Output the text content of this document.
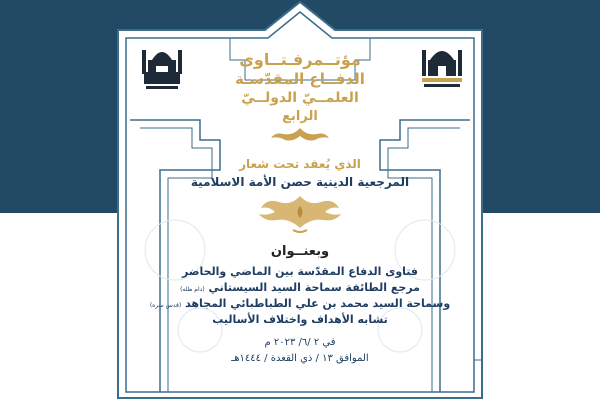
مؤتــمرفـتــاوى
الدفــاع المقدّسـة
العلمــيّ الدولــيّ
الرابع
الذي يُعقد تحت شعار
المرجعية الدينية حصن الأمة الاسلامية
وبعنــوان
فتاوى الدفاع المقدّسة بين الماضي والحاضر
مرجع الطائفة سماحة السيد السيستاني (دام ظله)
وسماحة السيد محمد بن علي الطباطبائي المجاهد (قدس سره)
تشابه الأهداف واختلاف الأساليب
في ٢ /٦/ ٢٠٢٣ م
الموافق ١٣ / ذي القعدة / ١٤٤٤هـ
